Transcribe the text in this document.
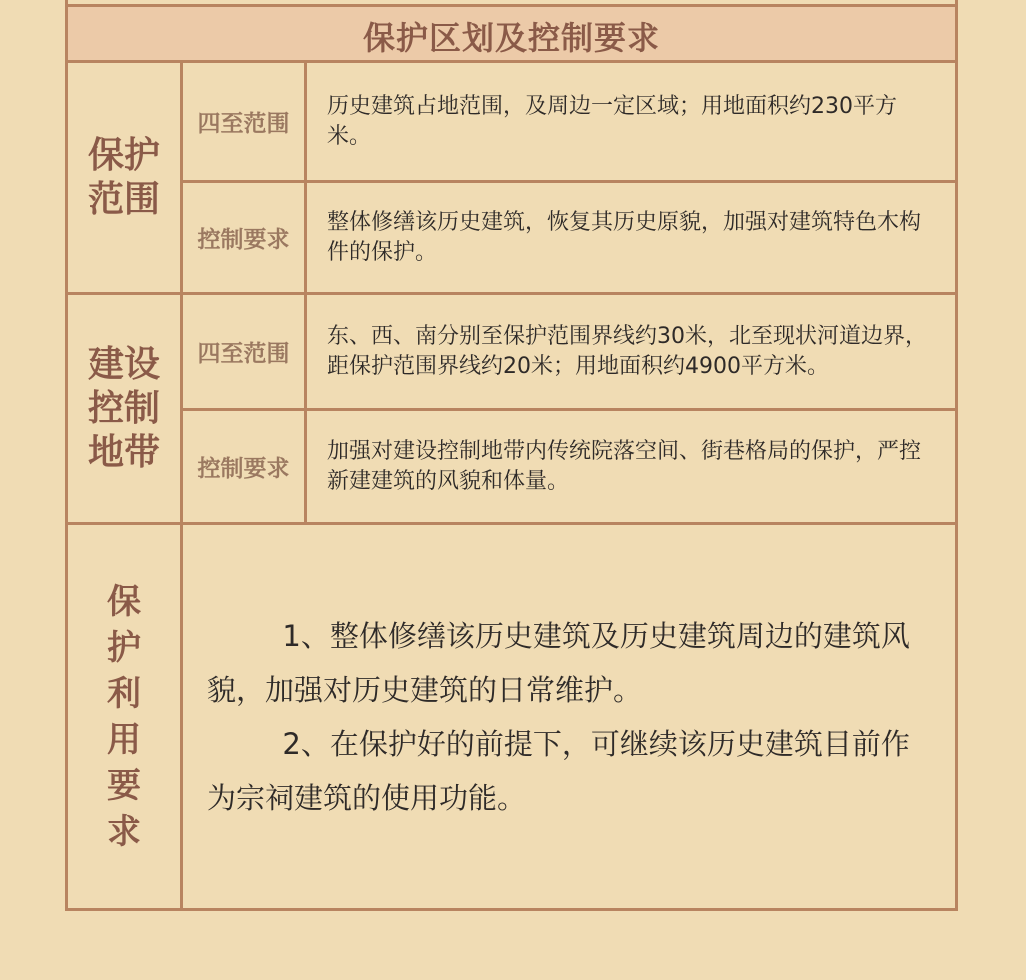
保护区划及控制要求		
保护范围	四至范围	历史建筑占地范围，及周边一定区域；用地面积约230平方米。
	控制要求	整体修缮该历史建筑，恢复其历史原貌，加强对建筑特色木构件的保护。
建设控制地带	四至范围	东、西、南分别至保护范围界线约30米，北至现状河道边界，距保护范围界线约20米；用地面积约4900平方米。
	控制要求	加强对建设控制地带内传统院落空间、街巷格局的保护，严控新建建筑的风貌和体量。
保护利用要求	1、整体修缮该历史建筑及历史建筑周边的建筑风貌，加强对历史建筑的日常维护。

2、在保护好的前提下，可继续该历史建筑目前作为宗祠建筑的使用功能。	
